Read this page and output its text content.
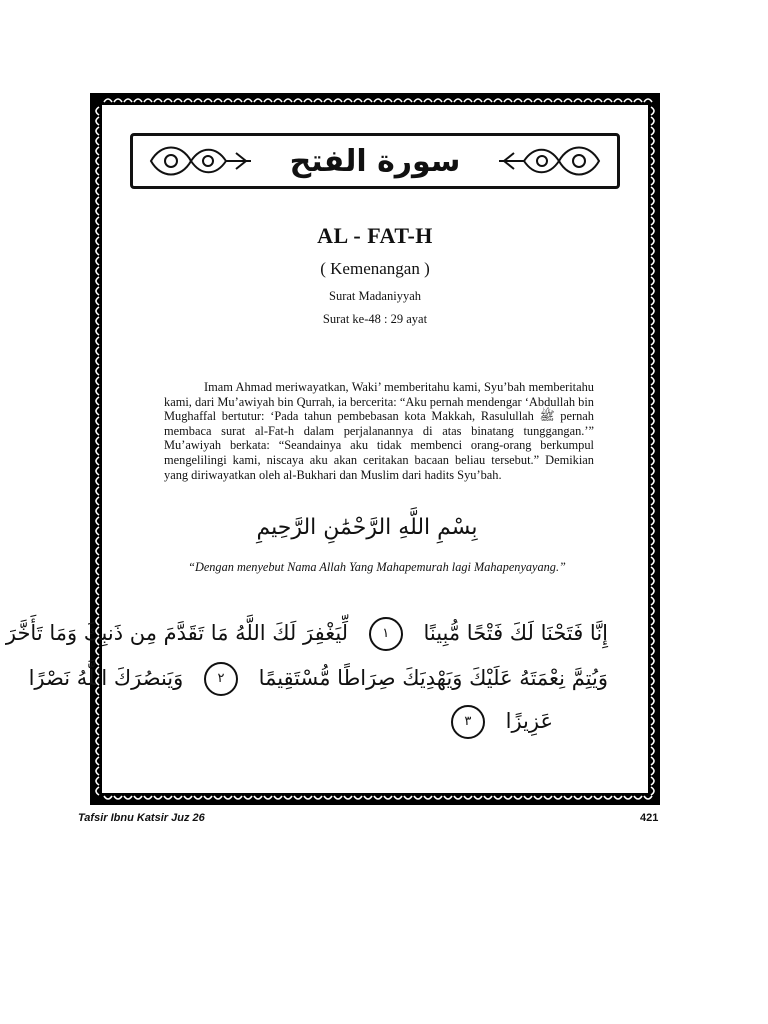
سورة الفتح
AL - FAT-H
( Kemenangan )
Surat Madaniyyah
Surat ke-48 : 29 ayat

Imam Ahmad meriwayatkan, Waki’ memberitahu kami, Syu’bah memberitahu kami, dari Mu’awiyah bin Qurrah, ia bercerita: “Aku pernah mendengar ‘Abdullah bin Mughaffal bertutur: ‘Pada tahun pembebasan kota Makkah, Rasulullah ﷺ pernah membaca surat al-Fat-h dalam perjalanannya di atas binatang tunggangan.’” Mu’awiyah berkata: “Seandainya aku tidak membenci orang-orang berkumpul mengelilingi kami, niscaya aku akan ceritakan bacaan beliau tersebut.” Demikian yang diriwayatkan oleh al-Bukhari dan Muslim dari hadits Syu’bah.

بِسْمِ اللَّهِ الرَّحْمَٰنِ الرَّحِيمِ
“Dengan menyebut Nama Allah Yang Mahapemurah lagi Mahapenyayang.”
إِنَّا فَتَحْنَا لَكَ فَتْحًا مُّبِينًا ١ لِّيَغْفِرَ لَكَ اللَّهُ مَا تَقَدَّمَ مِن ذَنبِكَ وَمَا تَأَخَّرَ
وَيُتِمَّ نِعْمَتَهُ عَلَيْكَ وَيَهْدِيَكَ صِرَاطًا مُّسْتَقِيمًا ٢ وَيَنصُرَكَ اللَّهُ نَصْرًا
عَزِيزًا ٣
Tafsir Ibnu Katsir Juz 26	421
